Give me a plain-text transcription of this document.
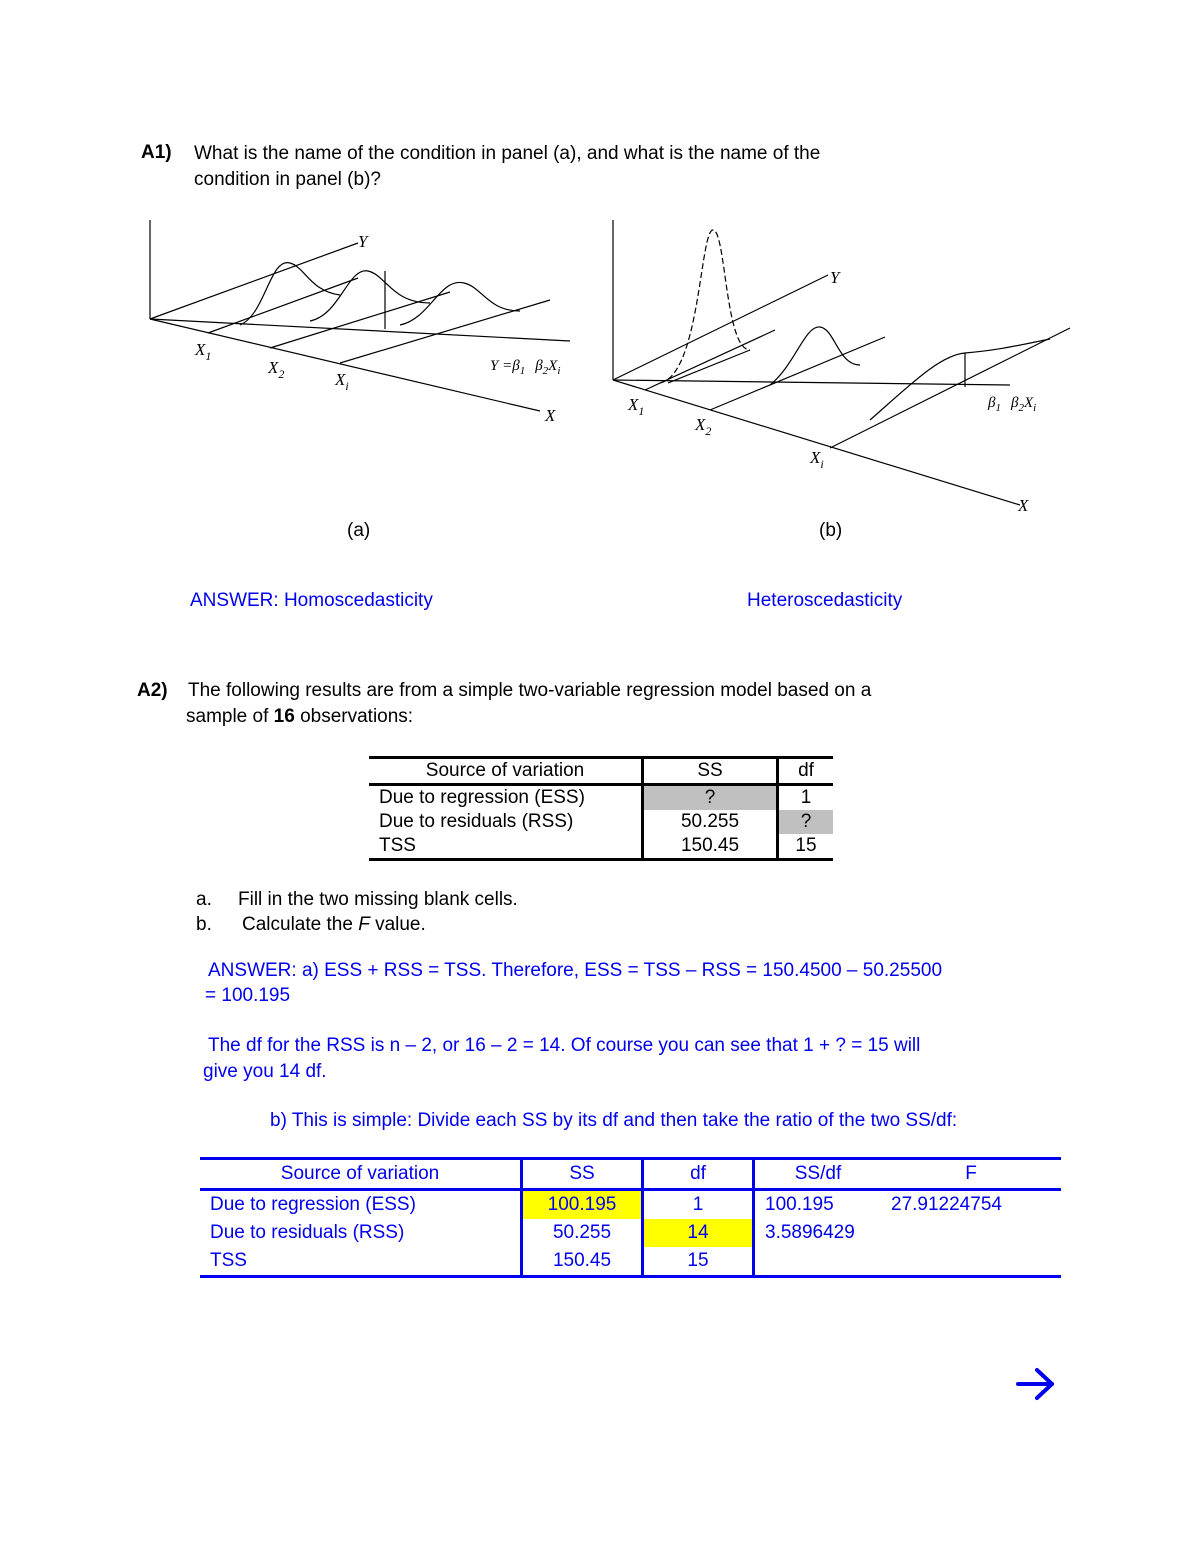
A1) What is the name of the condition in panel (a), and what is the name of the
condition in panel (b)?
Y
X
$X_1$
$X_2$	$X_i$
$Y =\beta_1$ $\beta_2X_i$
(a)
Y
X
$X_1$
$X_2$
$X_i$
$\beta_1$ $\beta_2X_i$
(b)
ANSWER: Homoscedasticity	Heteroscedasticity
A2) The following results are from a simple two-variable regression model based on a
sample of 16 observations:
Source of variation	SS	df
Due to regression (ESS)	?	1
Due to residuals (RSS)	50.255	?
TSS	150.45	15
a. Fill in the two missing blank cells.
b. Calculate the F value.
ANSWER: a) ESS + RSS = TSS. Therefore, ESS = TSS – RSS = 150.4500 – 50.25500
= 100.195
The df for the RSS is n – 2, or 16 – 2 = 14. Of course you can see that 1 + ? = 15 will
give you 14 df.
b) This is simple: Divide each SS by its df and then take the ratio of the two SS/df:
Source of variation	SS	df	SS/df	F
Due to regression (ESS)	100.195	1	100.195	27.91224754
Due to residuals (RSS)	50.255	14	3.5896429	
TSS	150.45	15		
